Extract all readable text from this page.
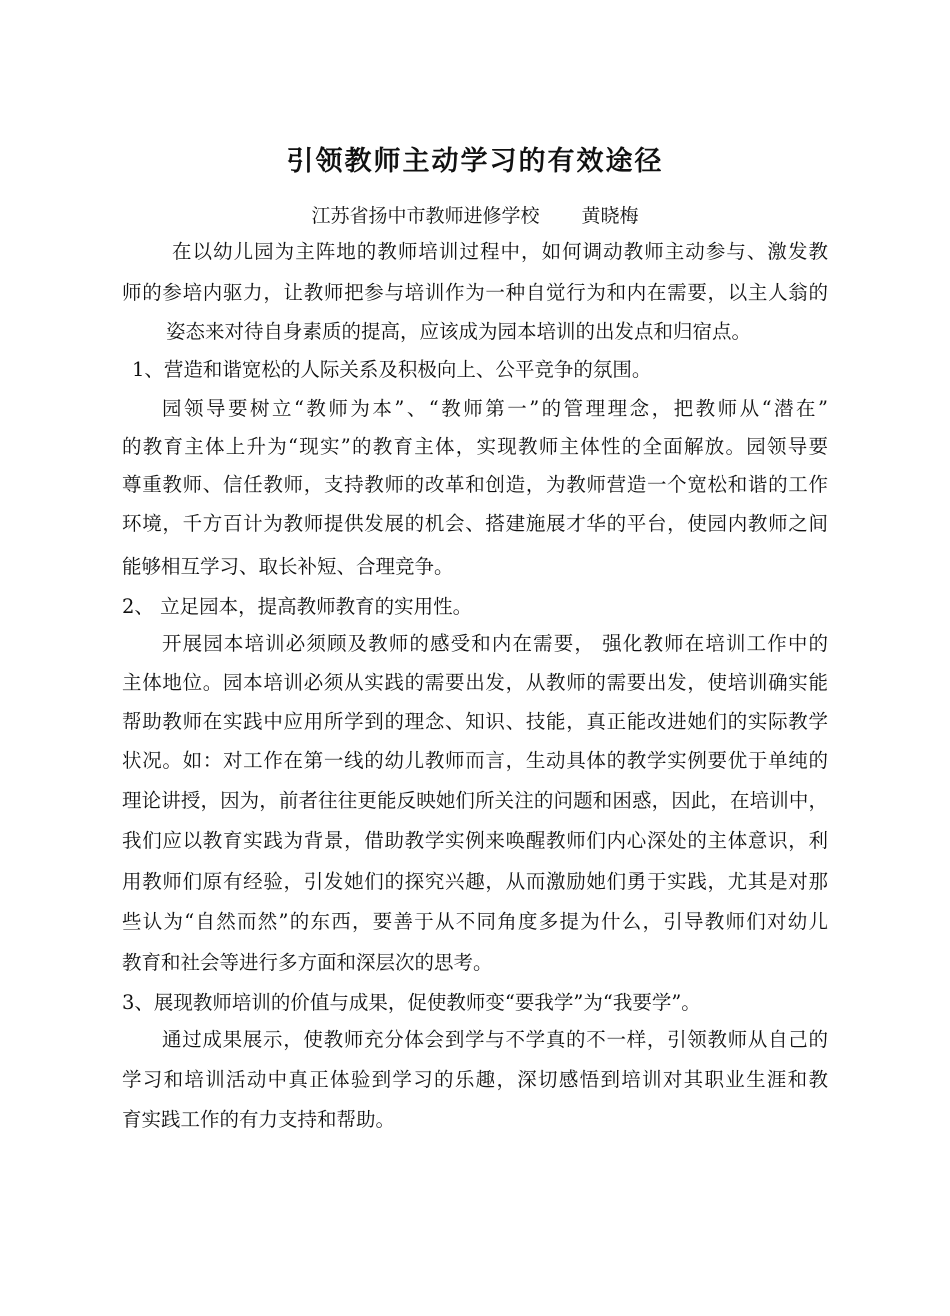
引领教师主动学习的有效途径
江苏省扬中市教师进修学校 黄晓梅
在以幼儿园为主阵地的教师培训过程中，如何调动教师主动参与、激发教
师的参培内驱力，让教师把参与培训作为一种自觉行为和内在需要，以主人翁的
姿态来对待自身素质的提高，应该成为园本培训的出发点和归宿点。
1、营造和谐宽松的人际关系及积极向上、公平竞争的氛围。
园领导要树立“教师为本”、“教师第一”的管理理念，把教师从“潜在”
的教育主体上升为“现实”的教育主体，实现教师主体性的全面解放。园领导要
尊重教师、信任教师，支持教师的改革和创造，为教师营造一个宽松和谐的工作
环境，千方百计为教师提供发展的机会、搭建施展才华的平台，使园内教师之间
能够相互学习、取长补短、合理竞争。
2、 立足园本，提高教师教育的实用性。
开展园本培训必须顾及教师的感受和内在需要， 强化教师在培训工作中的
主体地位。园本培训必须从实践的需要出发，从教师的需要出发，使培训确实能
帮助教师在实践中应用所学到的理念、知识、技能，真正能改进她们的实际教学
状况。如：对工作在第一线的幼儿教师而言，生动具体的教学实例要优于单纯的
理论讲授，因为，前者往往更能反映她们所关注的问题和困惑，因此，在培训中，
我们应以教育实践为背景，借助教学实例来唤醒教师们内心深处的主体意识，利
用教师们原有经验，引发她们的探究兴趣，从而激励她们勇于实践，尤其是对那
些认为“自然而然”的东西，要善于从不同角度多提为什么，引导教师们对幼儿
教育和社会等进行多方面和深层次的思考。
3、展现教师培训的价值与成果，促使教师变“要我学”为“我要学”。
通过成果展示，使教师充分体会到学与不学真的不一样，引领教师从自己的
学习和培训活动中真正体验到学习的乐趣，深切感悟到培训对其职业生涯和教
育实践工作的有力支持和帮助。
